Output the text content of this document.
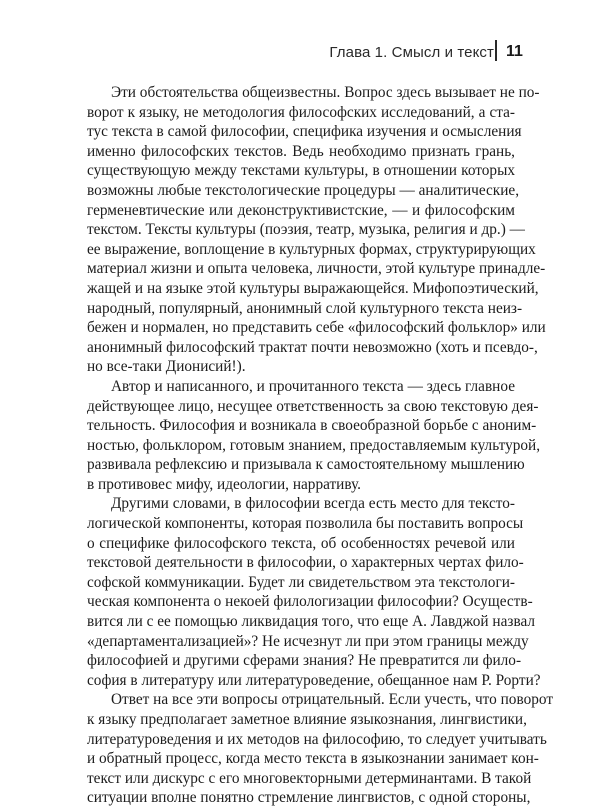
Глава 1. Смысл и текст 11
Эти обстоятельства общеизвестны. Вопрос здесь вызывает не по-
ворот к языку, не методология философских исследований, а ста-
тус текста в самой философии, специфика изучения и осмысления
именно философских текстов. Ведь необходимо признать грань,
существующую между текстами культуры, в отношении которых
возможны любые текстологические процедуры — аналитические,
герменевтические или деконструктивистские, — и философским
текстом. Тексты культуры (поэзия, театр, музыка, религия и др.) —
ее выражение, воплощение в культурных формах, структурирующих
материал жизни и опыта человека, личности, этой культуре принадле-
жащей и на языке этой культуры выражающейся. Мифопоэтический,
народный, популярный, анонимный слой культурного текста неиз-
бежен и нормален, но представить себе «философский фольклор» или
анонимный философский трактат почти невозможно (хоть и псевдо-,
но все-таки Дионисий!).
Автор и написанного, и прочитанного текста — здесь главное
действующее лицо, несущее ответственность за свою текстовую дея-
тельность. Философия и возникала в своеобразной борьбе с аноним-
ностью, фольклором, готовым знанием, предоставляемым культурой,
развивала рефлексию и призывала к самостоятельному мышлению
в противовес мифу, идеологии, нарративу.
Другими словами, в философии всегда есть место для тексто-
логической компоненты, которая позволила бы поставить вопросы
о специфике философского текста, об особенностях речевой или
текстовой деятельности в философии, о характерных чертах фило-
софской коммуникации. Будет ли свидетельством эта текстологи-
ческая компонента о некоей филологизации философии? Осуществ-
вится ли с ее помощью ликвидация того, что еще А. Лавджой назвал
«департаментализацией»? Не исчезнут ли при этом границы между
философией и другими сферами знания? Не превратится ли фило-
софия в литературу или литературоведение, обещанное нам Р. Рорти?
Ответ на все эти вопросы отрицательный. Если учесть, что поворот
к языку предполагает заметное влияние языкознания, лингвистики,
литературоведения и их методов на философию, то следует учитывать
и обратный процесс, когда место текста в языкознании занимает кон-
текст или дискурс с его многовекторными детерминантами. В такой
ситуации вполне понятно стремление лингвистов, с одной стороны,
